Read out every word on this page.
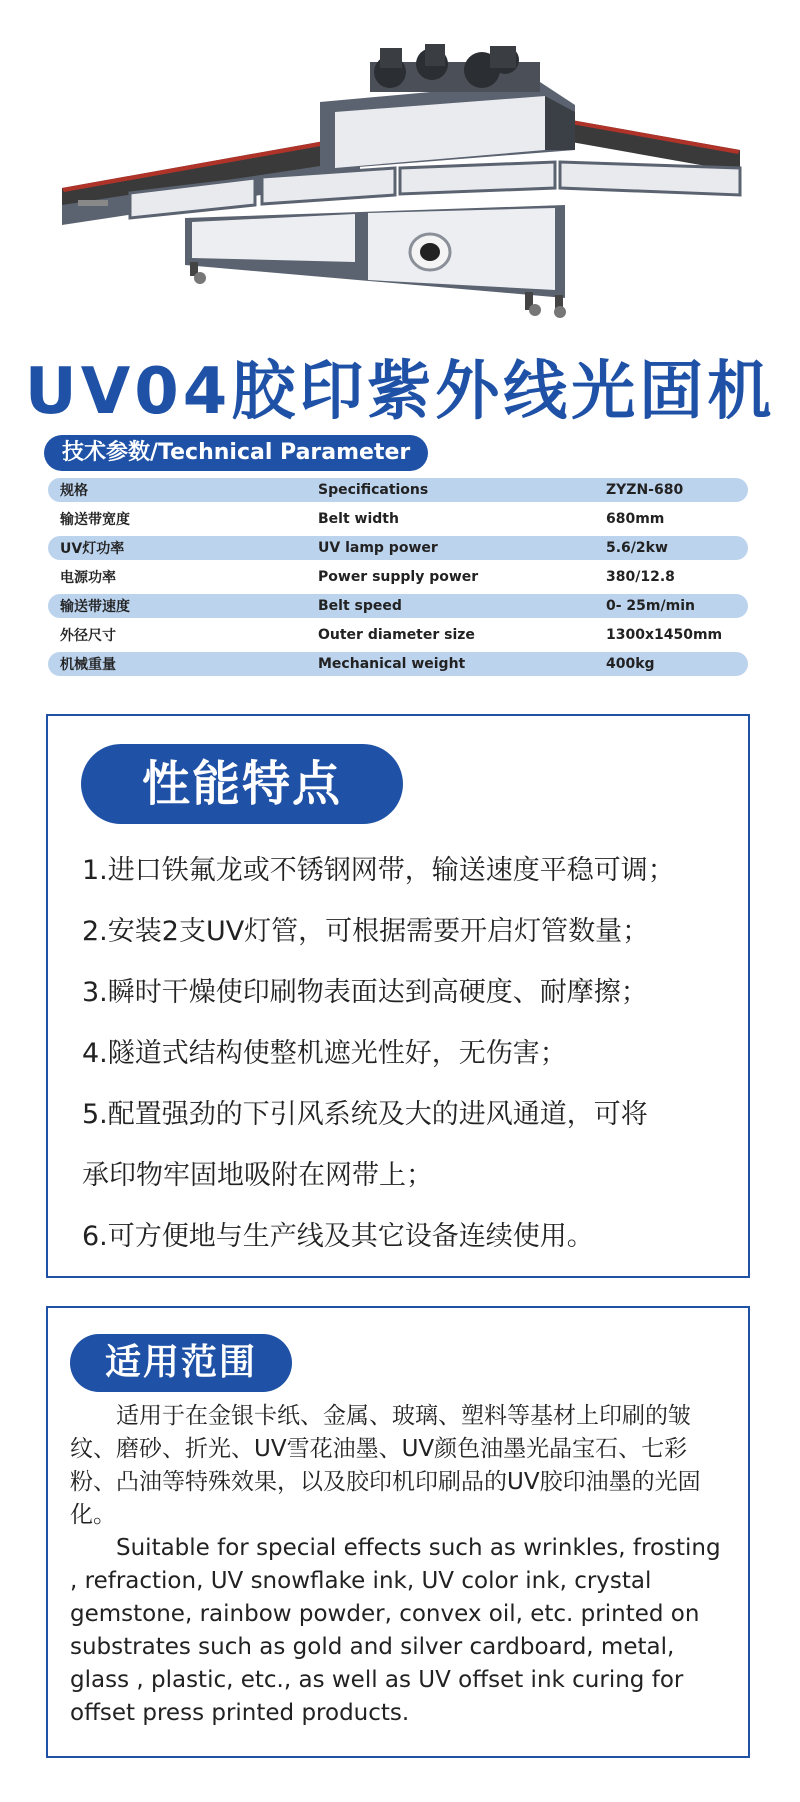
UV04胶印紫外线光固机
技术参数/Technical Parameter
规格	Specifications	ZYZN-680
输送带宽度	Belt width	680mm
UV灯功率	UV lamp power	5.6/2kw
电源功率	Power supply power	380/12.8
输送带速度	Belt speed	0- 25m/min
外径尺寸	Outer diameter size	1300x1450mm
机械重量	Mechanical weight	400kg
性能特点
1.进口铁氟龙或不锈钢网带，输送速度平稳可调；
2.安装2支UV灯管，可根据需要开启灯管数量；
3.瞬时干燥使印刷物表面达到高硬度、耐摩擦；
4.隧道式结构使整机遮光性好，无伤害；
5.配置强劲的下引风系统及大的进风通道，可将
承印物牢固地吸附在网带上；
6.可方便地与生产线及其它设备连续使用。
适用范围

适用于在金银卡纸、金属、玻璃、塑料等基材上印刷的皱纹、磨砂、折光、UV雪花油墨、UV颜色油墨光晶宝石、七彩粉、凸油等特殊效果，以及胶印机印刷品的UV胶印油墨的光固化。

Suitable for special effects such as wrinkles, frosting , refraction, UV snowflake ink, UV color ink, crystal gemstone, rainbow powder, convex oil, etc. printed on substrates such as gold and silver cardboard, metal, glass , plastic, etc., as well as UV offset ink curing for offset press printed products.
